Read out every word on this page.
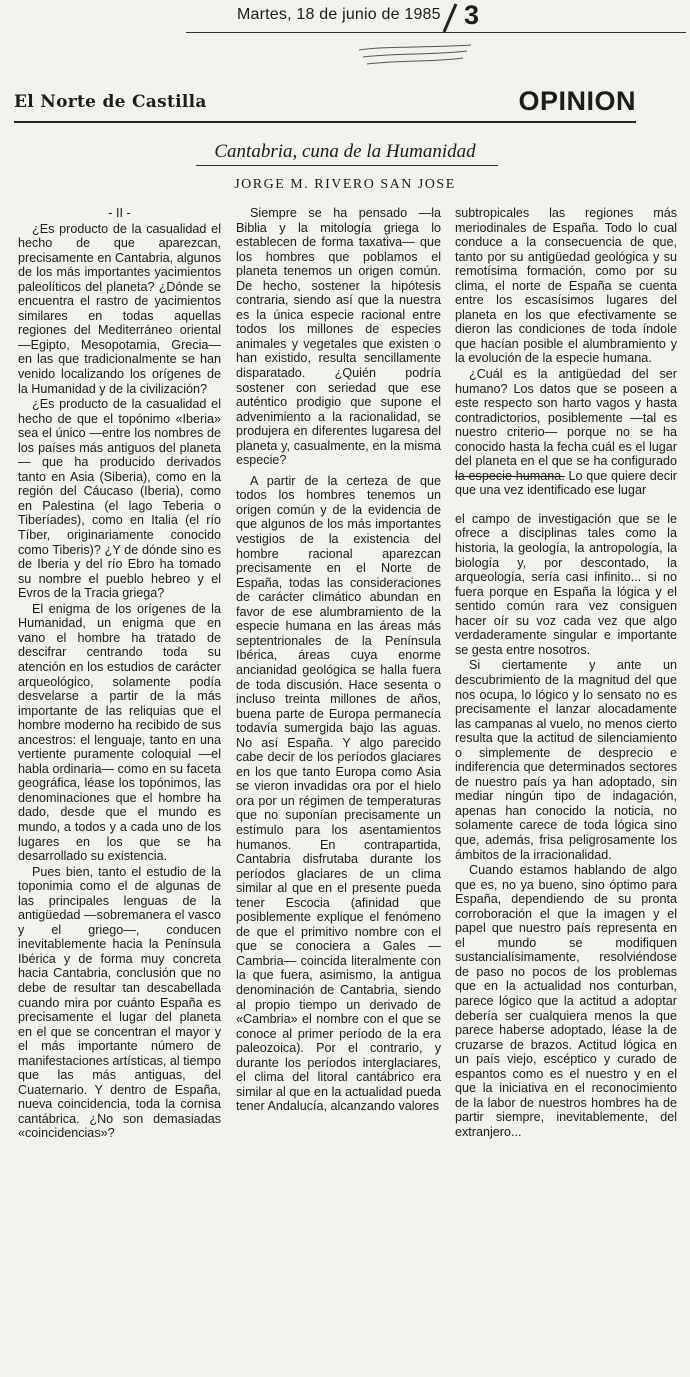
Martes, 18 de junio de 1985 3
El Norte de Castilla	OPINION
Cantabria, cuna de la Humanidad
JORGE M. RIVERO SAN JOSE
- II -

¿Es producto de la casualidad el hecho de que aparezcan, precisamente en Cantabria, algunos de los más importantes yacimientos paleolíticos del planeta? ¿Dónde se encuentra el rastro de yacimientos similares en todas aquellas regiones del Mediterráneo oriental —Egipto, Mesopotamia, Grecia— en las que tradicionalmente se han venido localizando los orígenes de la Humanidad y de la civilización?

¿Es producto de la casualidad el hecho de que el topónimo «Iberia» sea el único —entre los nombres de los países más antiguos del planeta— que ha producido derivados tanto en Asia (Siberia), como en la región del Cáucaso (Iberia), como en Palestina (el lago Teberia o Tiberíades), como en Italia (el río Tíber, originariamente conocido como Tiberis)? ¿Y de dónde sino es de Iberia y del río Ebro ha tomado su nombre el pueblo hebreo y el Evros de la Tracia griega?

El enigma de los orígenes de la Humanidad, un enigma que en vano el hombre ha tratado de descifrar centrando toda su atención en los estudios de carácter arqueológico, solamente podía desvelarse a partir de la más importante de las reliquias que el hombre moderno ha recibido de sus ancestros: el lenguaje, tanto en una vertiente puramente coloquial —el habla ordinaria— como en su faceta geográfica, léase los topónimos, las denominaciones que el hombre ha dado, desde que el mundo es mundo, a todos y a cada uno de los lugares en los que se ha desarrollado su existencia.

Pues bien, tanto el estudio de la toponimia como el de algunas de las principales lenguas de la antigüedad —sobremanera el vasco y el griego—, conducen inevitablemente hacia la Península Ibérica y de forma muy concreta hacia Cantabria, conclusión que no debe de resultar tan descabellada cuando mira por cuánto España es precisamente el lugar del planeta en el que se concentran el mayor y el más importante número de manifestaciones artísticas, al tiempo que las más antiguas, del Cuaternario. Y dentro de España, nueva coincidencia, toda la cornisa cantábrica. ¿No son demasiadas «coincidencias»?

Siempre se ha pensado —la Biblia y la mitología griega lo establecen de forma taxativa— que los hombres que poblamos el planeta tenemos un origen común. De hecho, sostener la hipótesis contraria, siendo así que la nuestra es la única especie racional entre todos los millones de especies animales y vegetales que existen o han existido, resulta sencillamente disparatado. ¿Quién podría sostener con seriedad que ese auténtico prodigio que supone el advenimiento a la racionalidad, se produjera en diferentes lugaresa del planeta y, casualmente, en la misma especie?

A partir de la certeza de que todos los hombres tenemos un origen común y de la evidencia de que algunos de los más importantes vestigios de la existencia del hombre racional aparezcan precisamente en el Norte de España, todas las consideraciones de carácter climático abundan en favor de ese alumbramiento de la especie humana en las áreas más septentrionales de la Península Ibérica, áreas cuya enorme ancianidad geológica se halla fuera de toda discusión. Hace sesenta o incluso treinta millones de años, buena parte de Europa permanecía todavía sumergida bajo las aguas. No así España. Y algo parecido cabe decir de los períodos glaciares en los que tanto Europa como Asia se vieron invadidas ora por el hielo ora por un régimen de temperaturas que no suponían precisamente un estímulo para los asentamientos humanos. En contrapartida, Cantabria disfrutaba durante los períodos glaciares de un clima similar al que en el presente pueda tener Escocia (afinidad que posiblemente explique el fenómeno de que el primitivo nombre con el que se conociera a Gales —Cambria— coincida literalmente con la que fuera, asimismo, la antigua denominación de Cantabria, siendo al propio tiempo un derivado de «Cambria» el nombre con el que se conoce al primer período de la era paleozoica). Por el contrario, y durante los períodos interglaciares, el clima del litoral cantábrico era similar al que en la actualidad pueda tener Andalucía, alcanzando valores

subtropicales las regiones más meriodinales de España. Todo lo cual conduce a la consecuencia de que, tanto por su antigüedad geológica y su remotísima formación, como por su clima, el norte de España se cuenta entre los escasísimos lugares del planeta en los que efectivamente se dieron las condiciones de toda índole que hacían posible el alumbramiento y la evolución de la especie humana.

¿Cuál es la antigüedad del ser humano? Los datos que se poseen a este respecto son harto vagos y hasta contradictorios, posiblemente —tal es nuestro criterio— porque no se ha conocido hasta la fecha cuál es el lugar del planeta en el que se ha configurado la especie humana. Lo que quiere decir que una vez identificado ese lugar

el campo de investigación que se le ofrece a disciplinas tales como la historia, la geología, la antropología, la biología y, por descontado, la arqueología, sería casi infinito... si no fuera porque en España la lógica y el sentido común rara vez consiguen hacer oír su voz cada vez que algo verdaderamente singular e importante se gesta entre nosotros.

Si ciertamente y ante un descubrimiento de la magnitud del que nos ocupa, lo lógico y lo sensato no es precisamente el lanzar alocadamente las campanas al vuelo, no menos cierto resulta que la actitud de silenciamiento o simplemente de desprecio e indiferencia que determinados sectores de nuestro país ya han adoptado, sin mediar ningún tipo de indagación, apenas han conocido la noticia, no solamente carece de toda lógica sino que, además, frisa peligrosamente los ámbitos de la irracionalidad.

Cuando estamos hablando de algo que es, no ya bueno, sino óptimo para España, dependiendo de su pronta corroboración el que la imagen y el papel que nuestro país representa en el mundo se modifiquen sustancialísimamente, resolviéndose de paso no pocos de los problemas que en la actualidad nos conturban, parece lógico que la actitud a adoptar debería ser cualquiera menos la que parece haberse adoptado, léase la de cruzarse de brazos. Actitud lógica en un país viejo, escéptico y curado de espantos como es el nuestro y en el que la iniciativa en el reconocimiento de la labor de nuestros hombres ha de partir siempre, inevitablemente, del extranjero...
